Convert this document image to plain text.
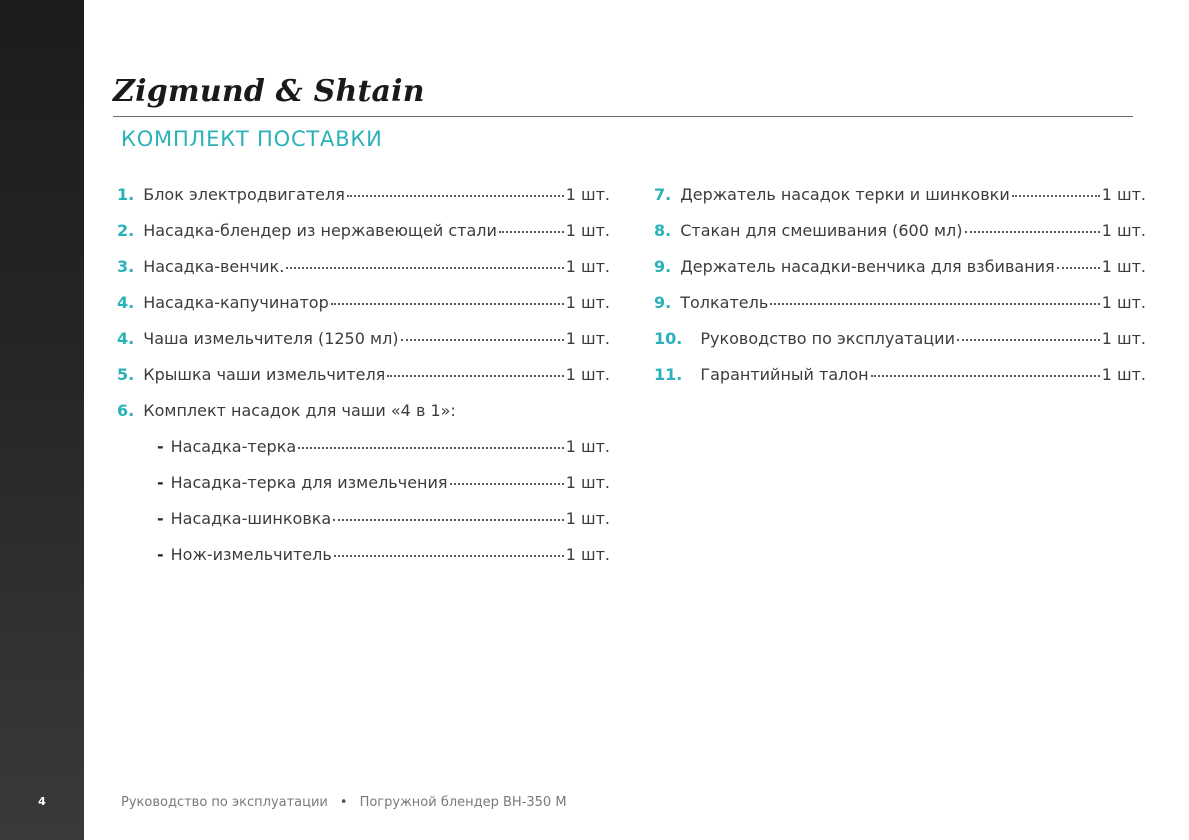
4
Zigmund & Shtain
КОМПЛЕКТ ПОСТАВКИ
1. Блок электродвигателя	1 шт.
2. Насадка-блендер из нержавеющей стали	1 шт.
3. Насадка-венчик.	1 шт.
4. Насадка-капучинатор	1 шт.
4. Чаша измельчителя (1250 мл)	1 шт.
5. Крышка чаши измельчителя	1 шт.
6. Комплект насадок для чаши «4 в 1»:
- Насадка-терка	1 шт.
- Насадка-терка для измельчения	1 шт.
- Насадка-шинковка	1 шт.
- Нож-измельчитель	1 шт.
7. Держатель насадок терки и шинковки	1 шт.
8. Стакан для смешивания (600 мл)	1 шт.
9. Держатель насадки-венчика для взбивания	1 шт.
9. Толкатель	1 шт.
10. Руководство по эксплуатации	1 шт.
11. Гарантийный талон	1 шт.
Руководство по эксплуатации • Погружной блендер BH-350 M
